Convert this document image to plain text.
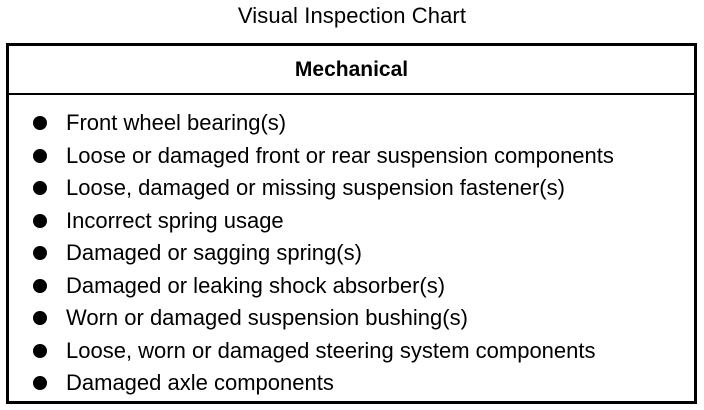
Visual Inspection Chart
Mechanical
Front wheel bearing(s)
Loose or damaged front or rear suspension components
Loose, damaged or missing suspension fastener(s)
Incorrect spring usage
Damaged or sagging spring(s)
Damaged or leaking shock absorber(s)
Worn or damaged suspension bushing(s)
Loose, worn or damaged steering system components
Damaged axle components
